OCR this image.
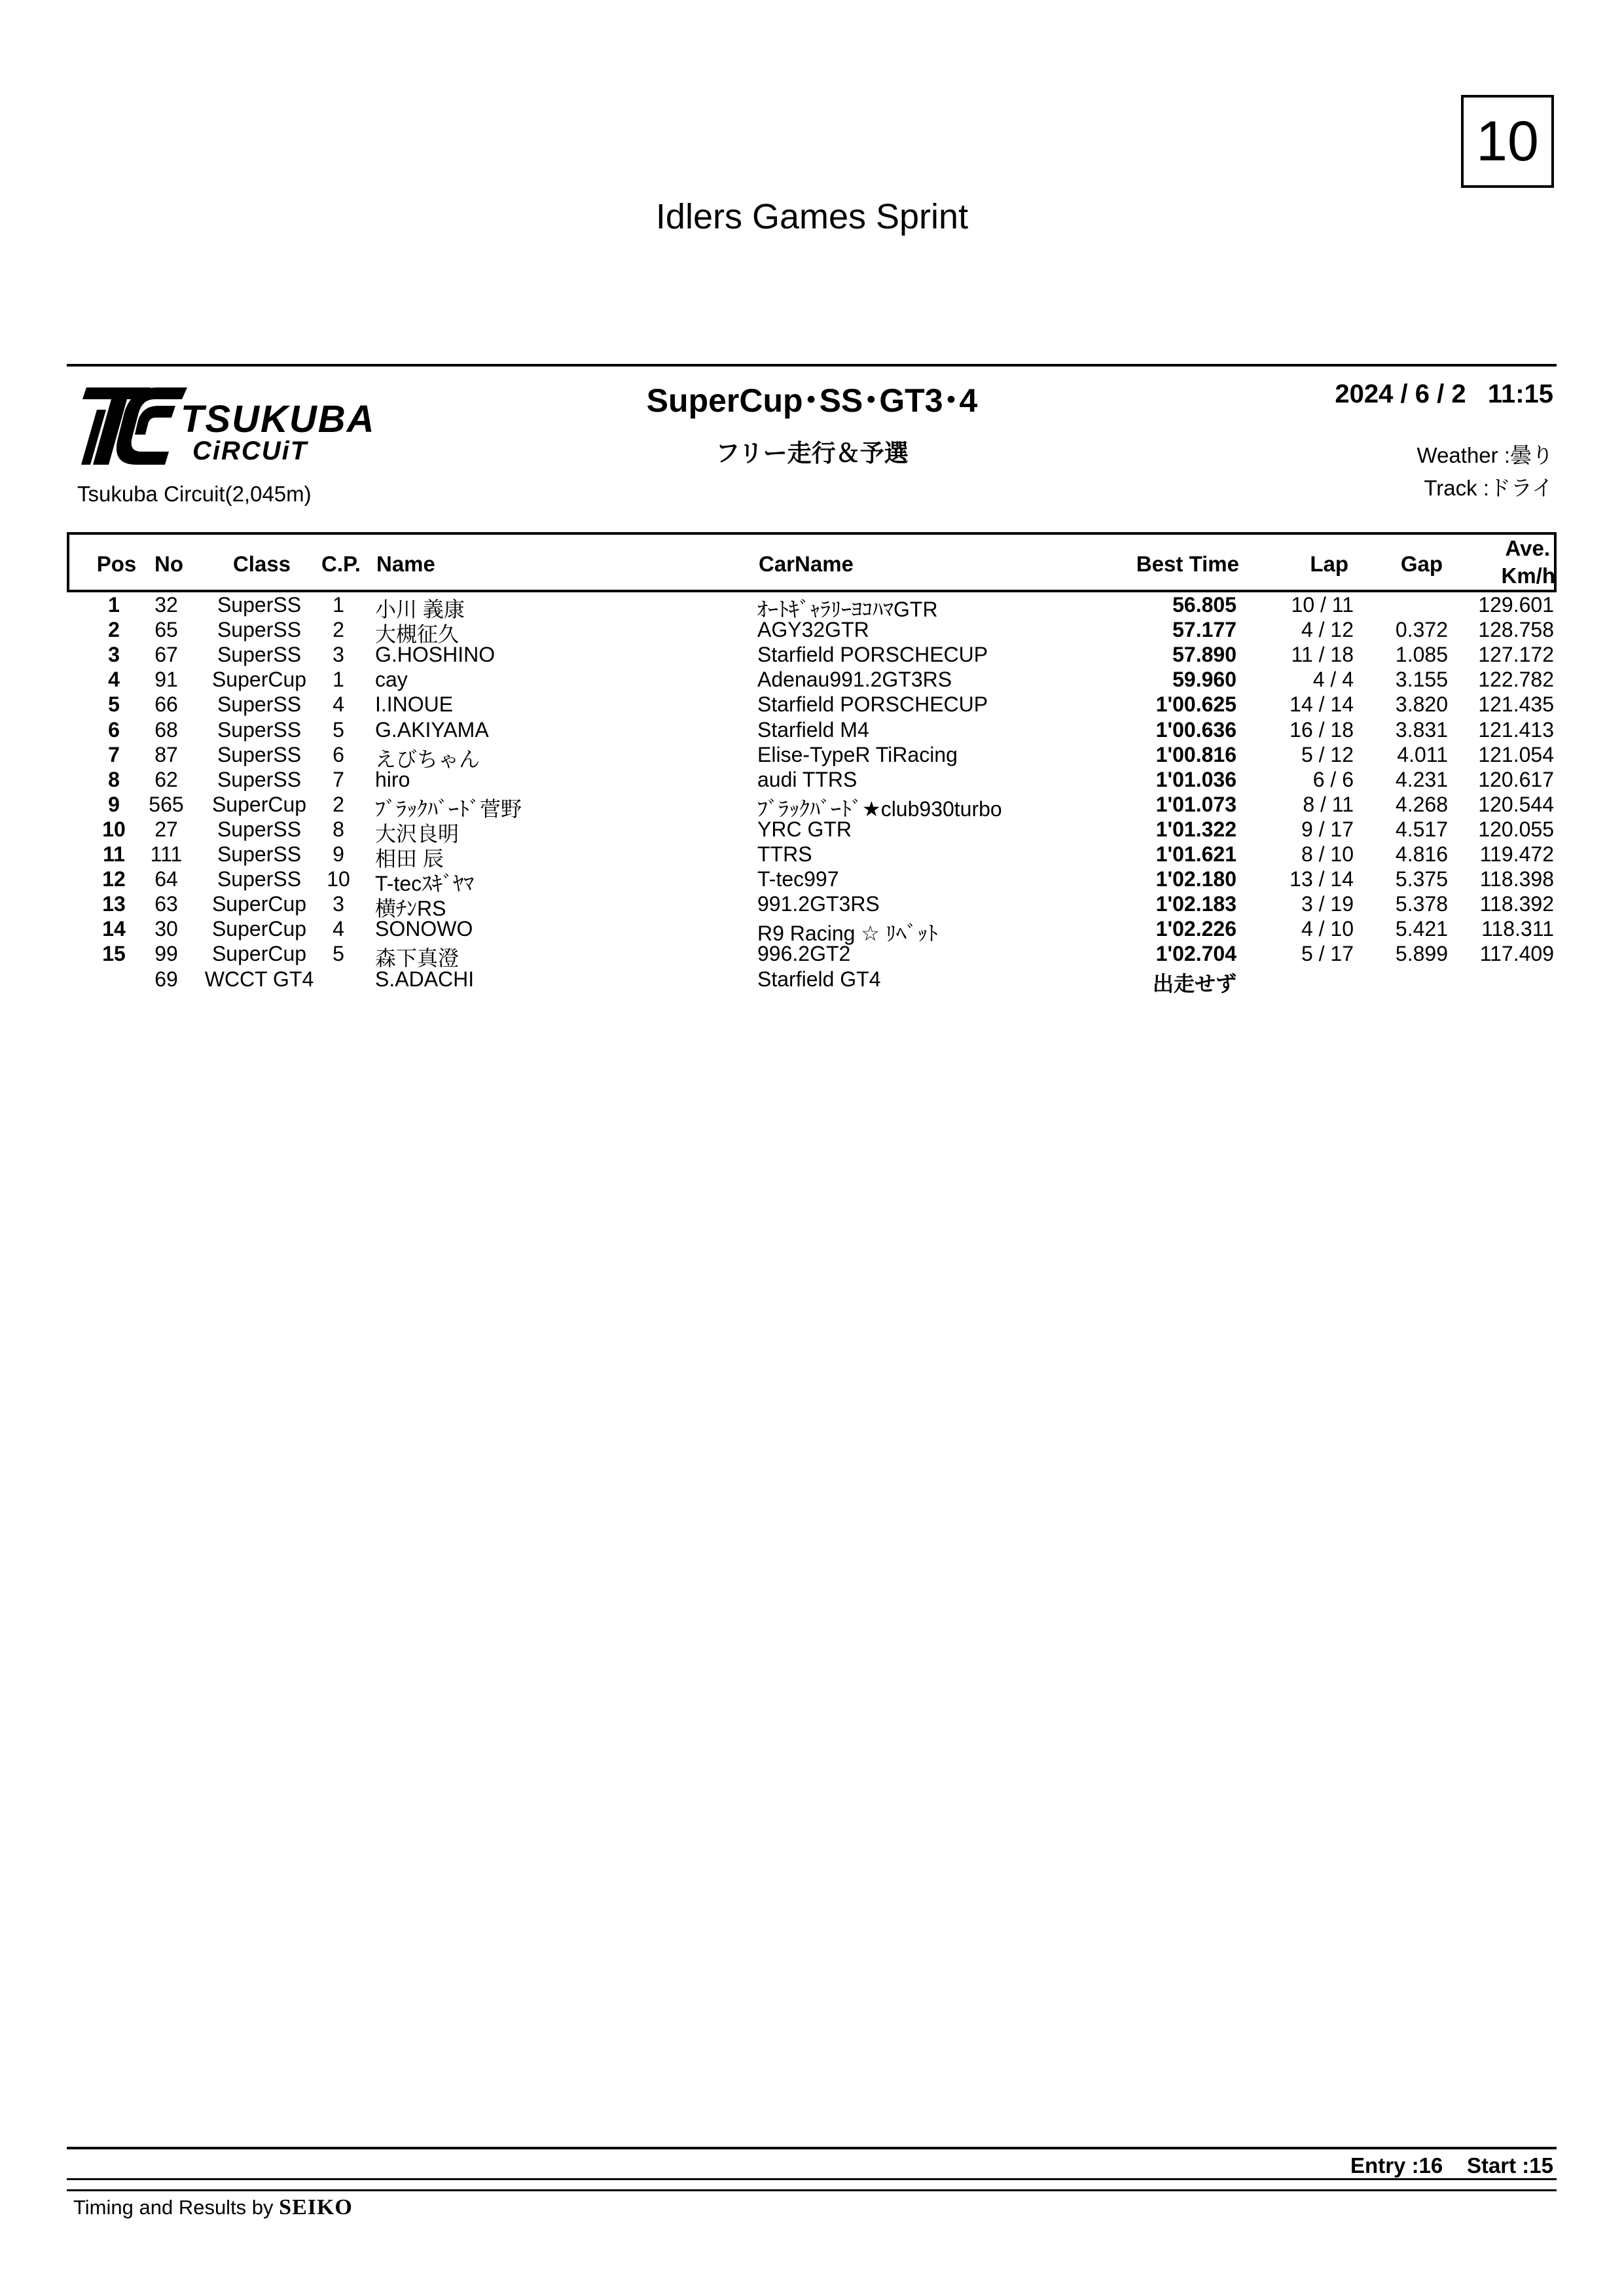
10
Idlers Games Sprint
TSUKUBA
CiRCUiT
Tsukuba Circuit(2,045m)
SuperCup･SS･GT3･4
フリー走行＆予選
2024 / 6 / 2   11:15
Weather :曇り
Track :ドライ
Pos No Class C.P. Name	CarName	Best Time	Lap Gap
Ave.
Km/h
1 32 SuperSS 1 小川 義康	ｵｰﾄｷﾞｬﾗﾘｰﾖｺﾊﾏGTR	56.805	10 / 11	129.601
2 65 SuperSS 2 大槻征久	AGY32GTR	57.177	4 / 12 0.372 128.758
3 67 SuperSS 3 G.HOSHINO	Starfield PORSCHECUP	57.890	11 / 18 1.085 127.172
4 91 SuperCup 1 cay	Adenau991.2GT3RS	59.960	4 / 4 3.155 122.782
5 66 SuperSS 4 I.INOUE	Starfield PORSCHECUP	1'00.625	14 / 14 3.820 121.435
6 68 SuperSS 5 G.AKIYAMA	Starfield M4	1'00.636	16 / 18 3.831 121.413
7 87 SuperSS 6 えびちゃん	Elise-TypeR TiRacing	1'00.816	5 / 12 4.011 121.054
8 62 SuperSS 7 hiro	audi TTRS	1'01.036	6 / 6 4.231 120.617
9 565 SuperCup 2 ﾌﾞﾗｯｸﾊﾞｰﾄﾞ菅野	ﾌﾞﾗｯｸﾊﾞｰﾄﾞ★club930turbo	1'01.073	8 / 11 4.268 120.544
10 27 SuperSS 8 大沢良明	YRC GTR	1'01.322	9 / 17 4.517 120.055
11 111 SuperSS 9 相田 辰	TTRS	1'01.621	8 / 10 4.816 119.472
12 64 SuperSS 10 T-tecｽｷﾞﾔﾏ	T-tec997	1'02.180	13 / 14 5.375 118.398
13 63 SuperCup 3 横ﾁﾝRS	991.2GT3RS	1'02.183	3 / 19 5.378 118.392
14 30 SuperCup 4 SONOWO	R9 Racing ☆ ﾘﾍﾞｯﾄ	1'02.226	4 / 10 5.421 118.311
15 99 SuperCup 5 森下真澄	996.2GT2	1'02.704	5 / 17 5.899 117.409
69 WCCT GT4	S.ADACHI	Starfield GT4	出走せず
Entry :16    Start :15
Timing and Results by SEIKO
